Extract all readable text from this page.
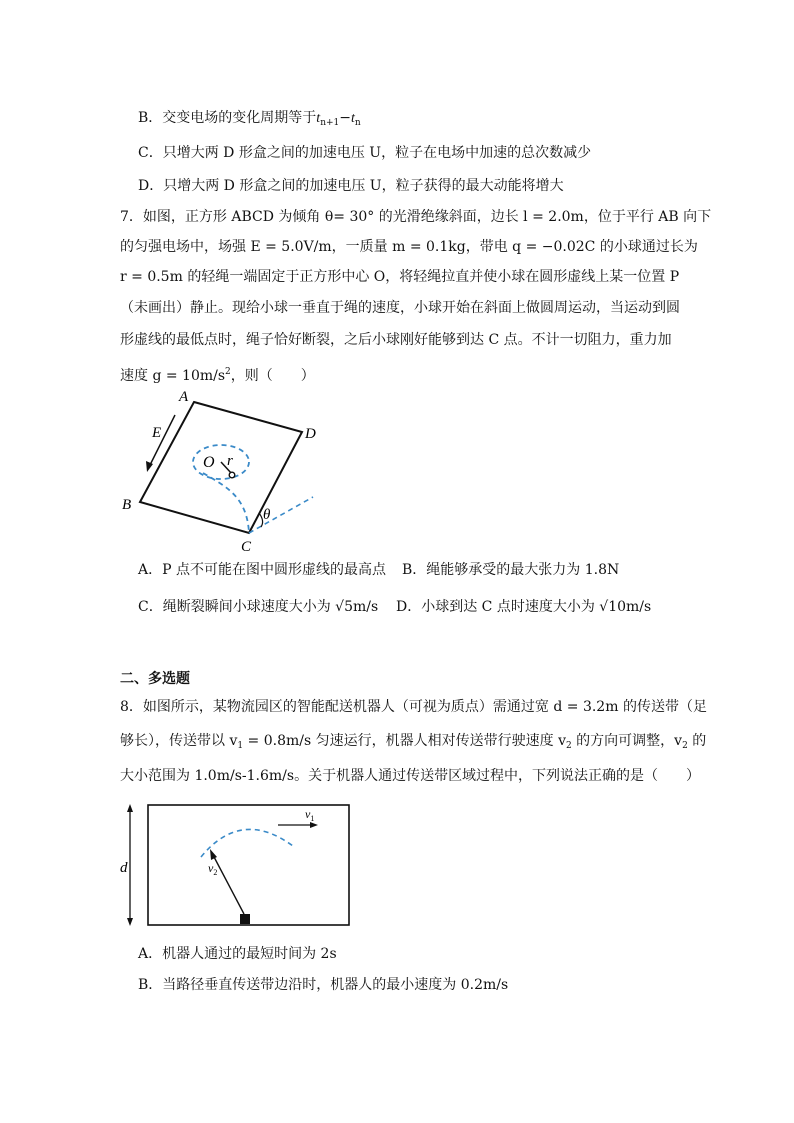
B．交变电场的变化周期等于$t_{n+1}-t_n$
C．只增大两 D 形盒之间的加速电压 U，粒子在电场中加速的总次数减少
D．只增大两 D 形盒之间的加速电压 U，粒子获得的最大动能将增大
7．如图，正方形 ABCD 为倾角 θ= 30° 的光滑绝缘斜面，边长 l = 2.0m，位于平行 AB 向下
的匀强电场中，场强 E = 5.0V/m，一质量 m = 0.1kg，带电 q = −0.02C 的小球通过长为
r = 0.5m 的轻绳一端固定于正方形中心 O，将轻绳拉直并使小球在圆形虚线上某一位置 P
（未画出）静止。现给小球一垂直于绳的速度，小球开始在斜面上做圆周运动，当运动到圆
形虚线的最低点时，绳子恰好断裂，之后小球刚好能够到达 C 点。不计一切阻力，重力加
速度 $g = 10m/s^2$，则（　　）
A
D
B
C
E
O r
θ
A．P 点不可能在图中圆形虚线的最高点 B．绳能够承受的最大张力为 1.8N
C．绳断裂瞬间小球速度大小为 √5m/s D．小球到达 C 点时速度大小为 √10m/s
二、多选题
8．如图所示，某物流园区的智能配送机器人（可视为质点）需通过宽 d = 3.2m 的传送带（足
够长），传送带以 $v_1 = 0.8m/s$ 匀速运行，机器人相对传送带行驶速度 $v_2$ 的方向可调整，$v_2$ 的
大小范围为 1.0m/s-1.6m/s。关于机器人通过传送带区域过程中，下列说法正确的是（　　）
d
$v_1$
$v_2$
A．机器人通过的最短时间为 2s
B．当路径垂直传送带边沿时，机器人的最小速度为 0.2m/s
